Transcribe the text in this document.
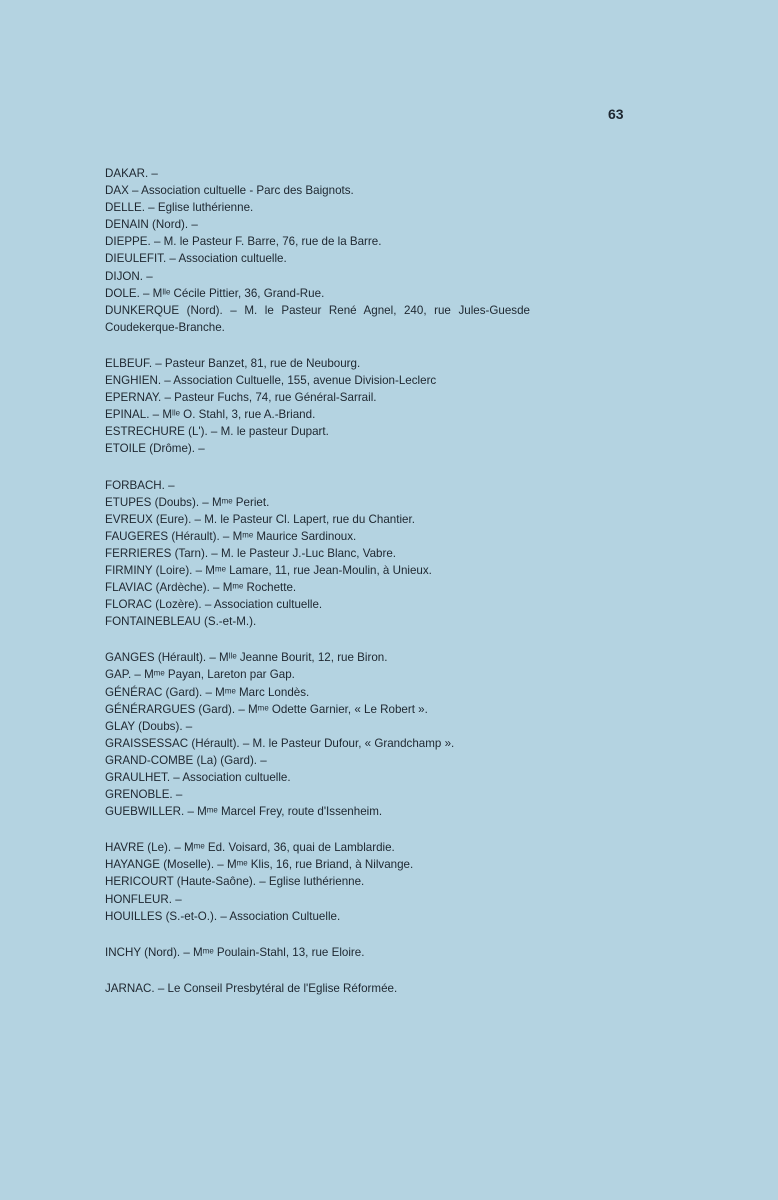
63
DAKAR. –
DAX – Association cultuelle - Parc des Baignots.
DELLE. – Eglise luthérienne.
DENAIN (Nord). –
DIEPPE. – M. le Pasteur F. Barre, 76, rue de la Barre.
DIEULEFIT. – Association cultuelle.
DIJON. –
DOLE. – Mˡˡᵉ Cécile Pittier, 36, Grand-Rue.
DUNKERQUE (Nord). – M. le Pasteur René Agnel, 240, rue Jules-Guesde
Coudekerque-Branche.
ELBEUF. – Pasteur Banzet, 81, rue de Neubourg.
ENGHIEN. – Association Cultuelle, 155, avenue Division-Leclerc
EPERNAY. – Pasteur Fuchs, 74, rue Général-Sarrail.
EPINAL. – Mˡˡᵉ O. Stahl, 3, rue A.-Briand.
ESTRECHURE (L'). – M. le pasteur Dupart.
ETOILE (Drôme). –
FORBACH. –
ETUPES (Doubs). – Mᵐᵉ Periet.
EVREUX (Eure). – M. le Pasteur Cl. Lapert, rue du Chantier.
FAUGERES (Hérault). – Mᵐᵉ Maurice Sardinoux.
FERRIERES (Tarn). – M. le Pasteur J.-Luc Blanc, Vabre.
FIRMINY (Loire). – Mᵐᵉ Lamare, 11, rue Jean-Moulin, à Unieux.
FLAVIAC (Ardèche). – Mᵐᵉ Rochette.
FLORAC (Lozère). – Association cultuelle.
FONTAINEBLEAU (S.-et-M.).
GANGES (Hérault). – Mˡˡᵉ Jeanne Bourit, 12, rue Biron.
GAP. – Mᵐᵉ Payan, Lareton par Gap.
GÉNÉRAC (Gard). – Mᵐᵉ Marc Londès.
GÉNÉRARGUES (Gard). – Mᵐᵉ Odette Garnier, « Le Robert ».
GLAY (Doubs). –
GRAISSESSAC (Hérault). – M. le Pasteur Dufour, « Grandchamp ».
GRAND-COMBE (La) (Gard). –
GRAULHET. – Association cultuelle.
GRENOBLE. –
GUEBWILLER. – Mᵐᵉ Marcel Frey, route d'Issenheim.
HAVRE (Le). – Mᵐᵉ Ed. Voisard, 36, quai de Lamblardie.
HAYANGE (Moselle). – Mᵐᵉ Klis, 16, rue Briand, à Nilvange.
HERICOURT (Haute-Saône). – Eglise luthérienne.
HONFLEUR. –
HOUILLES (S.-et-O.). – Association Cultuelle.
INCHY (Nord). – Mᵐᵉ Poulain-Stahl, 13, rue Eloire.
JARNAC. – Le Conseil Presbytéral de l'Eglise Réformée.
